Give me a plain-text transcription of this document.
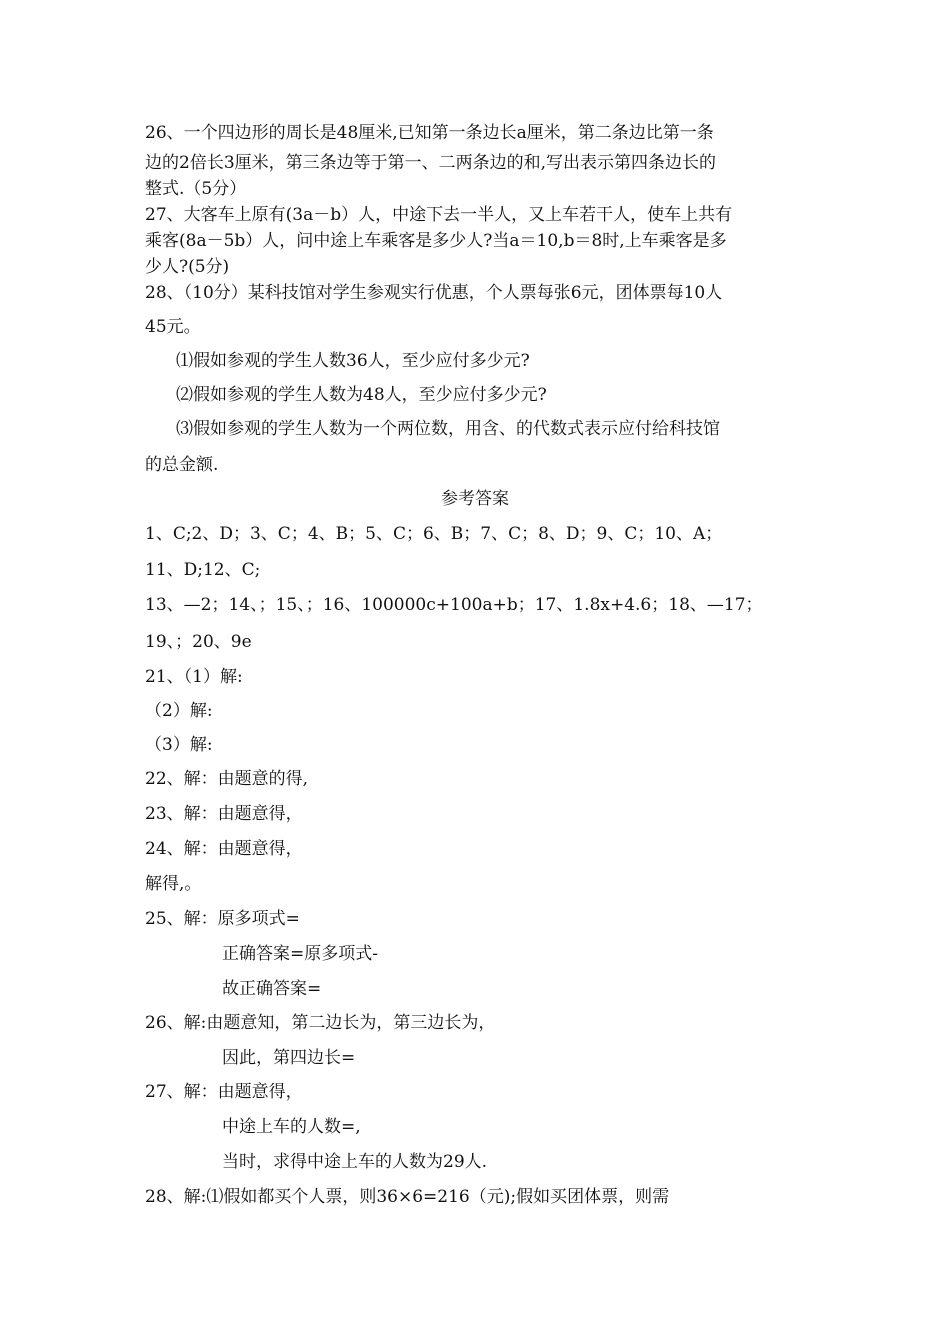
26、一个四边形的周长是48厘米,已知第一条边长a厘米，第二条边比第一条
边的2倍长3厘米，第三条边等于第一、二两条边的和,写出表示第四条边长的
整式.（5分）
27、大客车上原有(3a－b）人，中途下去一半人，又上车若干人，使车上共有
乘客(8a－5b）人，问中途上车乘客是多少人?当a＝10,b＝8时,上车乘客是多
少人?(5分)
28、（10分）某科技馆对学生参观实行优惠，个人票每张6元，团体票每10人
45元。
⑴假如参观的学生人数36人，至少应付多少元?
⑵假如参观的学生人数为48人，至少应付多少元?
⑶假如参观的学生人数为一个两位数，用含、的代数式表示应付给科技馆
的总金额.
参考答案
1、C;2、D；3、C；4、B；5、C；6、B；7、C；8、D；9、C；10、A；
11、D;12、C;
13、—2；14、；15、；16、100000c+100a+b；17、1.8x+4.6；18、—17；
19、；20、9e
21、（1）解:
（2）解:
（3）解:
22、解：由题意的得,
23、解：由题意得，
24、解：由题意得，
解得,。
25、解：原多项式=
正确答案=原多项式-
故正确答案=
26、解:由题意知，第二边长为，第三边长为，
因此，第四边长=
27、解：由题意得，
中途上车的人数=,
当时，求得中途上车的人数为29人.
28、解:⑴假如都买个人票，则36×6=216（元);假如买团体票，则需
